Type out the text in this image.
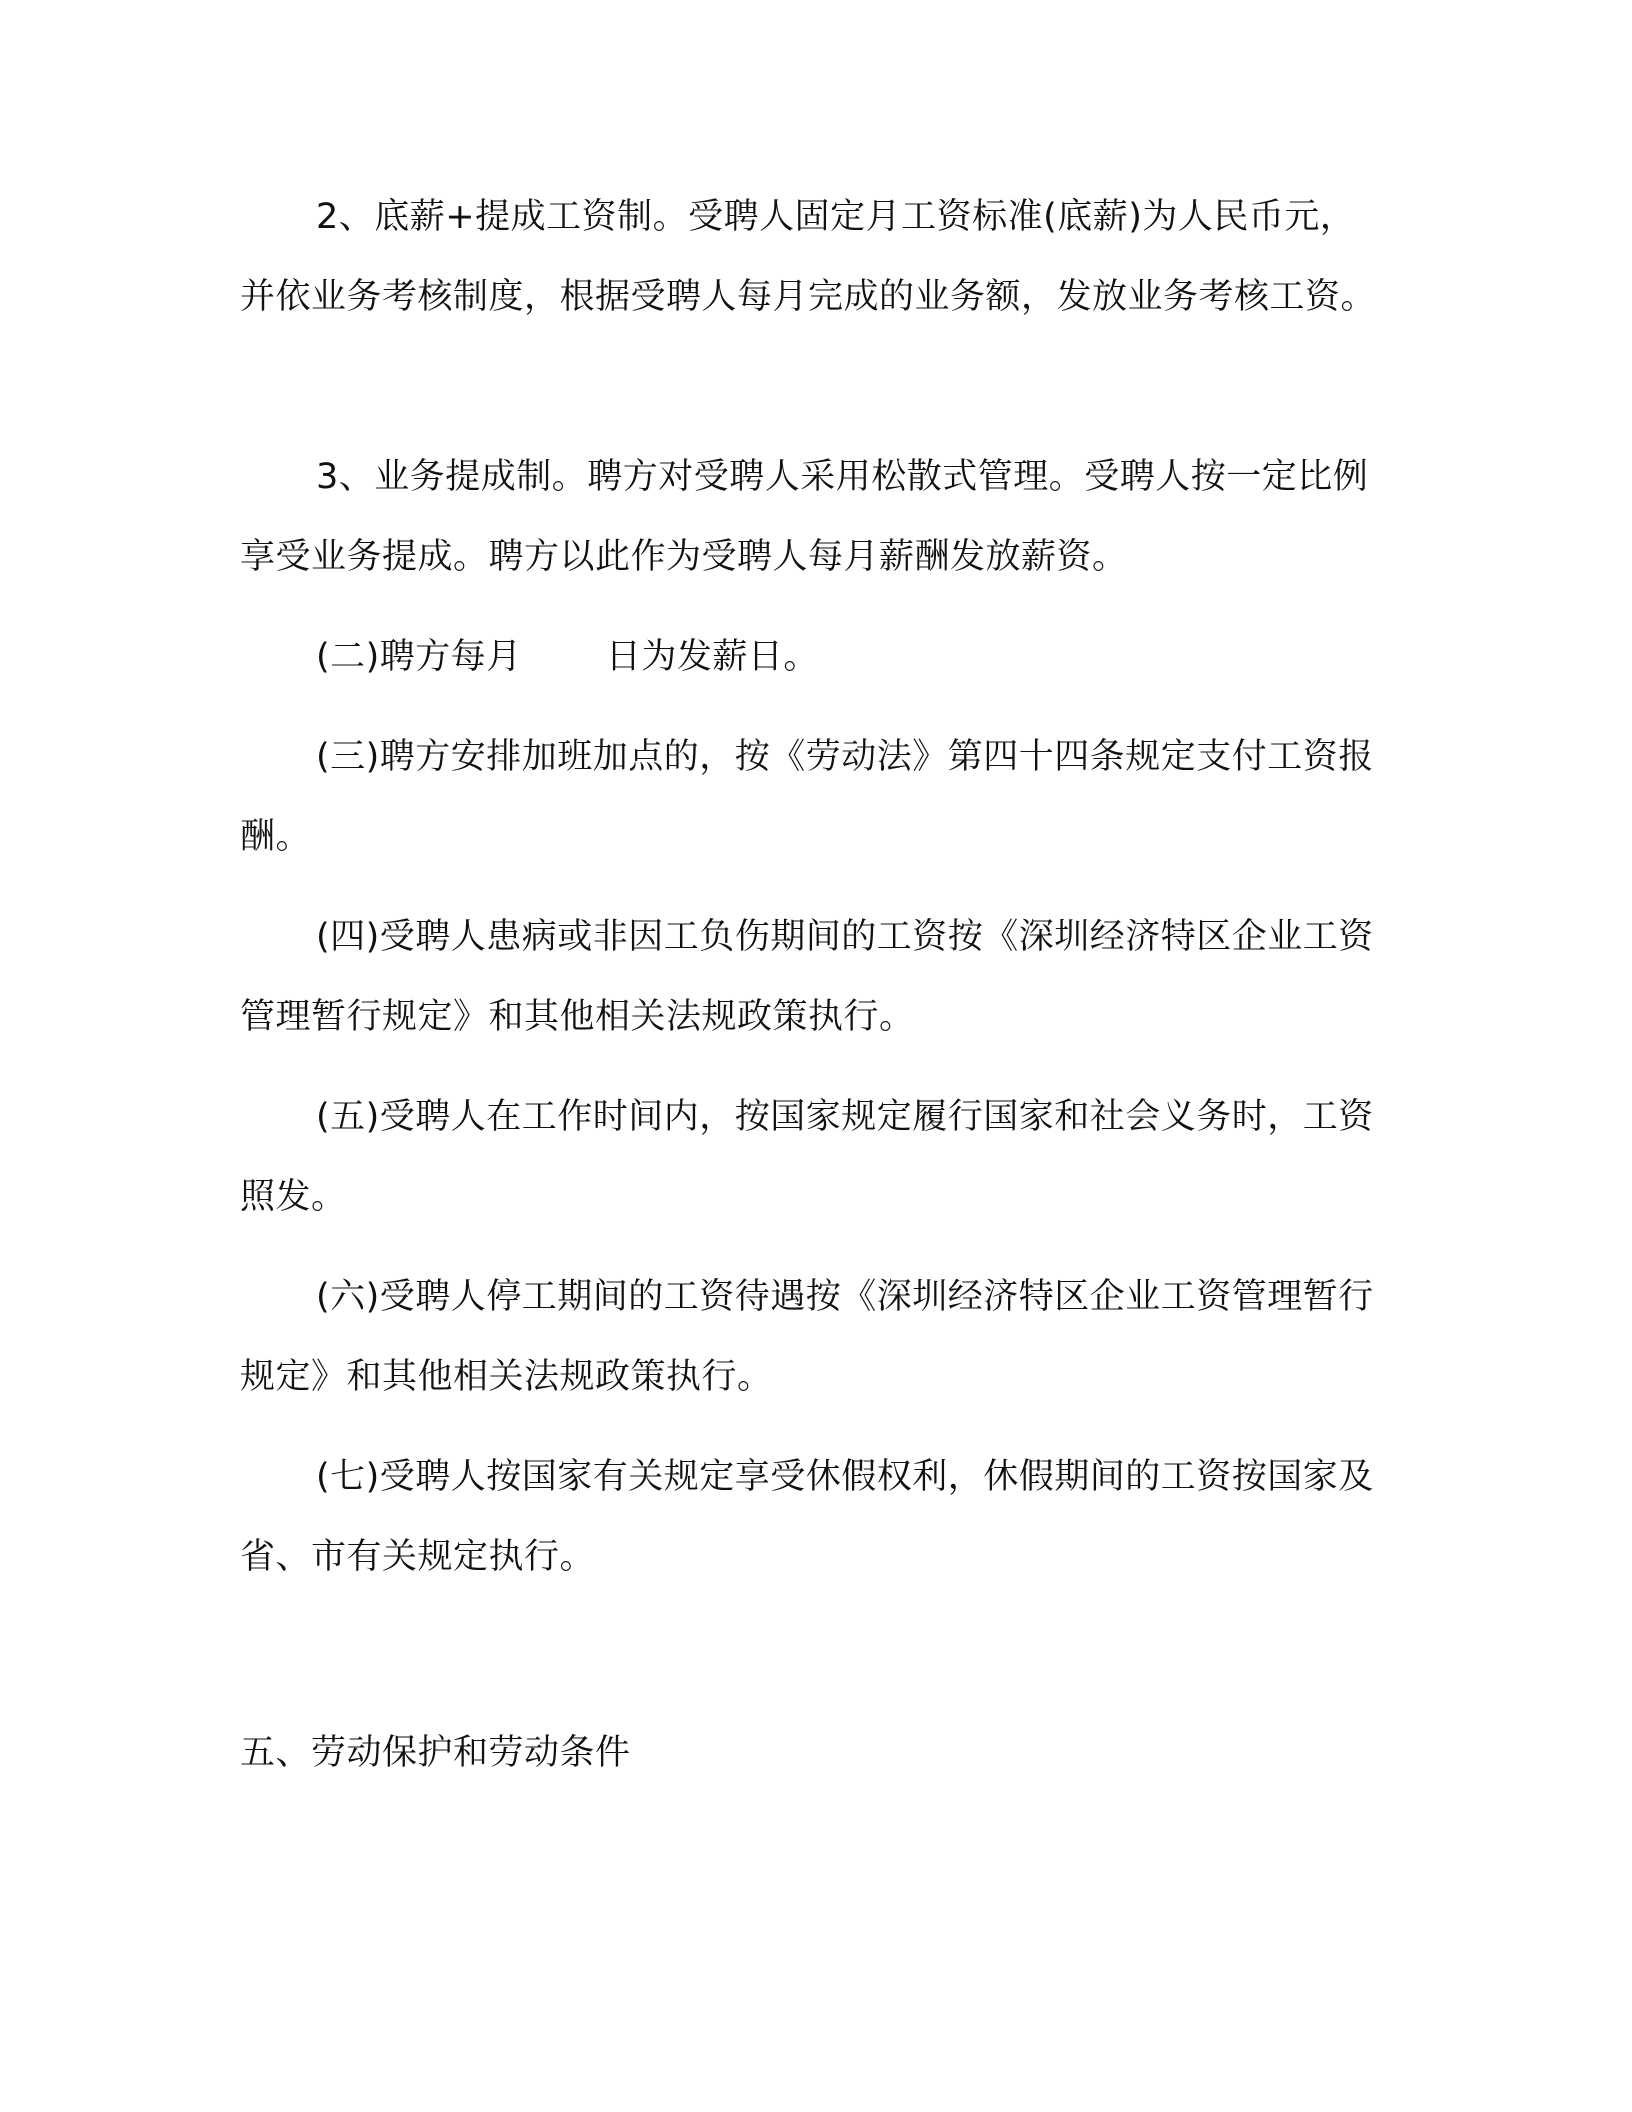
2、底薪+提成工资制。受聘人固定月工资标准(底薪)为人民币元，并依业务考核制度，根据受聘人每月完成的业务额，发放业务考核工资。

3、业务提成制。聘方对受聘人采用松散式管理。受聘人按一定比例享受业务提成。聘方以此作为受聘人每月薪酬发放薪资。

(二)聘方每月 日为发薪日。

(三)聘方安排加班加点的，按《劳动法》第四十四条规定支付工资报酬。

(四)受聘人患病或非因工负伤期间的工资按《深圳经济特区企业工资管理暂行规定》和其他相关法规政策执行。

(五)受聘人在工作时间内，按国家规定履行国家和社会义务时，工资照发。

(六)受聘人停工期间的工资待遇按《深圳经济特区企业工资管理暂行规定》和其他相关法规政策执行。

(七)受聘人按国家有关规定享受休假权利，休假期间的工资按国家及省、市有关规定执行。

五、劳动保护和劳动条件
